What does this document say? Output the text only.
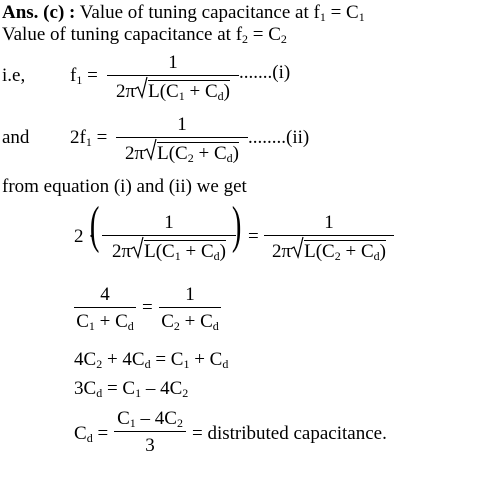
Ans. (c) : Value of tuning capacitance at $f_1 = C_1$
Value of tuning capacitance at $f_2 = C_2$
i.e, $f_1$ =
1
2π $L(C_1 + C_d)$
.......(i)
and $2f_1$ =
1
2π $L(C_2 + C_d)$
........(ii)
from equation (i) and (ii) we get
2 ·
(	1
2π $L(C_1 + C_d)$ ) =
1
2π $L(C_2 + C_d)$
4
$C_1 + C_d$
=
1
$C_2 + C_d$
$4C_2 + 4C_d = C_1 + C_d$
$3C_d = C_1 - 4C_2$
$C_d$ =
$C_1 - 4C_2$
3
= distributed capacitance.
